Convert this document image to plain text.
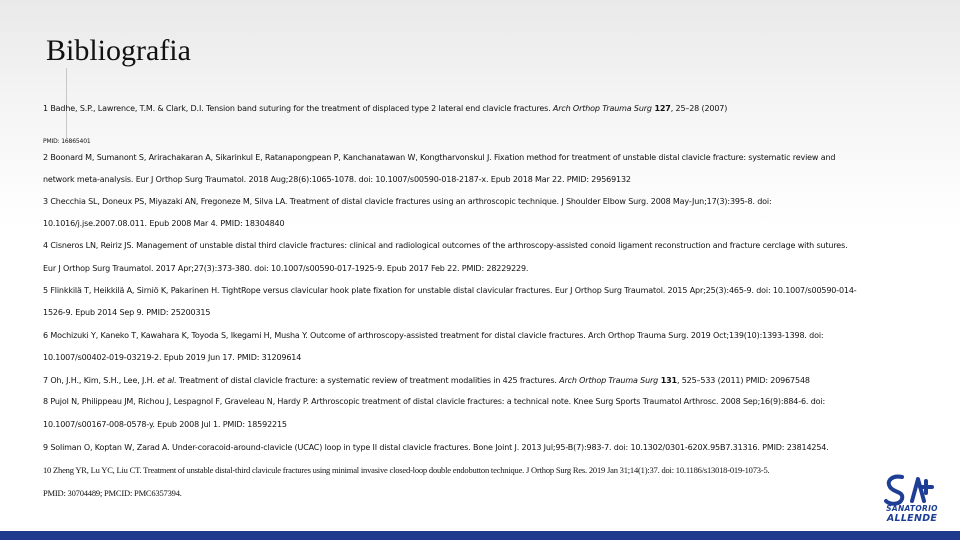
Bibliografia
1 Badhe, S.P., Lawrence, T.M. & Clark, D.I. Tension band suturing for the treatment of displaced type 2 lateral end clavicle fractures. Arch Orthop Trauma Surg 127, 25–28 (2007)
PMID: 16865401
2 Boonard M, Sumanont S, Arirachakaran A, Sikarinkul E, Ratanapongpean P, Kanchanatawan W, Kongtharvonskul J. Fixation method for treatment of unstable distal clavicle fracture: systematic review and
network meta-analysis. Eur J Orthop Surg Traumatol. 2018 Aug;28(6):1065-1078. doi: 10.1007/s00590-018-2187-x. Epub 2018 Mar 22. PMID: 29569132
3 Checchia SL, Doneux PS, Miyazaki AN, Fregoneze M, Silva LA. Treatment of distal clavicle fractures using an arthroscopic technique. J Shoulder Elbow Surg. 2008 May-Jun;17(3):395-8. doi:
10.1016/j.jse.2007.08.011. Epub 2008 Mar 4. PMID: 18304840
4 Cisneros LN, Reiriz JS. Management of unstable distal third clavicle fractures: clinical and radiological outcomes of the arthroscopy-assisted conoid ligament reconstruction and fracture cerclage with sutures.
Eur J Orthop Surg Traumatol. 2017 Apr;27(3):373-380. doi: 10.1007/s00590-017-1925-9. Epub 2017 Feb 22. PMID: 28229229.
5 Flinkkilä T, Heikkilä A, Sirniö K, Pakarinen H. TightRope versus clavicular hook plate fixation for unstable distal clavicular fractures. Eur J Orthop Surg Traumatol. 2015 Apr;25(3):465-9. doi: 10.1007/s00590-014-
1526-9. Epub 2014 Sep 9. PMID: 25200315
6 Mochizuki Y, Kaneko T, Kawahara K, Toyoda S, Ikegami H, Musha Y. Outcome of arthroscopy-assisted treatment for distal clavicle fractures. Arch Orthop Trauma Surg. 2019 Oct;139(10):1393-1398. doi:
10.1007/s00402-019-03219-2. Epub 2019 Jun 17. PMID: 31209614
7 Oh, J.H., Kim, S.H., Lee, J.H. et al. Treatment of distal clavicle fracture: a systematic review of treatment modalities in 425 fractures. Arch Orthop Trauma Surg 131, 525–533 (2011) PMID: 20967548
8 Pujol N, Philippeau JM, Richou J, Lespagnol F, Graveleau N, Hardy P. Arthroscopic treatment of distal clavicle fractures: a technical note. Knee Surg Sports Traumatol Arthrosc. 2008 Sep;16(9):884-6. doi:
10.1007/s00167-008-0578-y. Epub 2008 Jul 1. PMID: 18592215
9 Soliman O, Koptan W, Zarad A. Under-coracoid-around-clavicle (UCAC) loop in type II distal clavicle fractures. Bone Joint J. 2013 Jul;95-B(7):983-7. doi: 10.1302/0301-620X.95B7.31316. PMID: 23814254.
10 Zheng YR, Lu YC, Liu CT. Treatment of unstable distal-third clavicule fractures using minimal invasive closed-loop double endobutton technique. J Orthop Surg Res. 2019 Jan 31;14(1):37. doi: 10.1186/s13018-019-1073-5.
PMID: 30704489; PMCID: PMC6357394.
SANATORIO
ALLENDE
